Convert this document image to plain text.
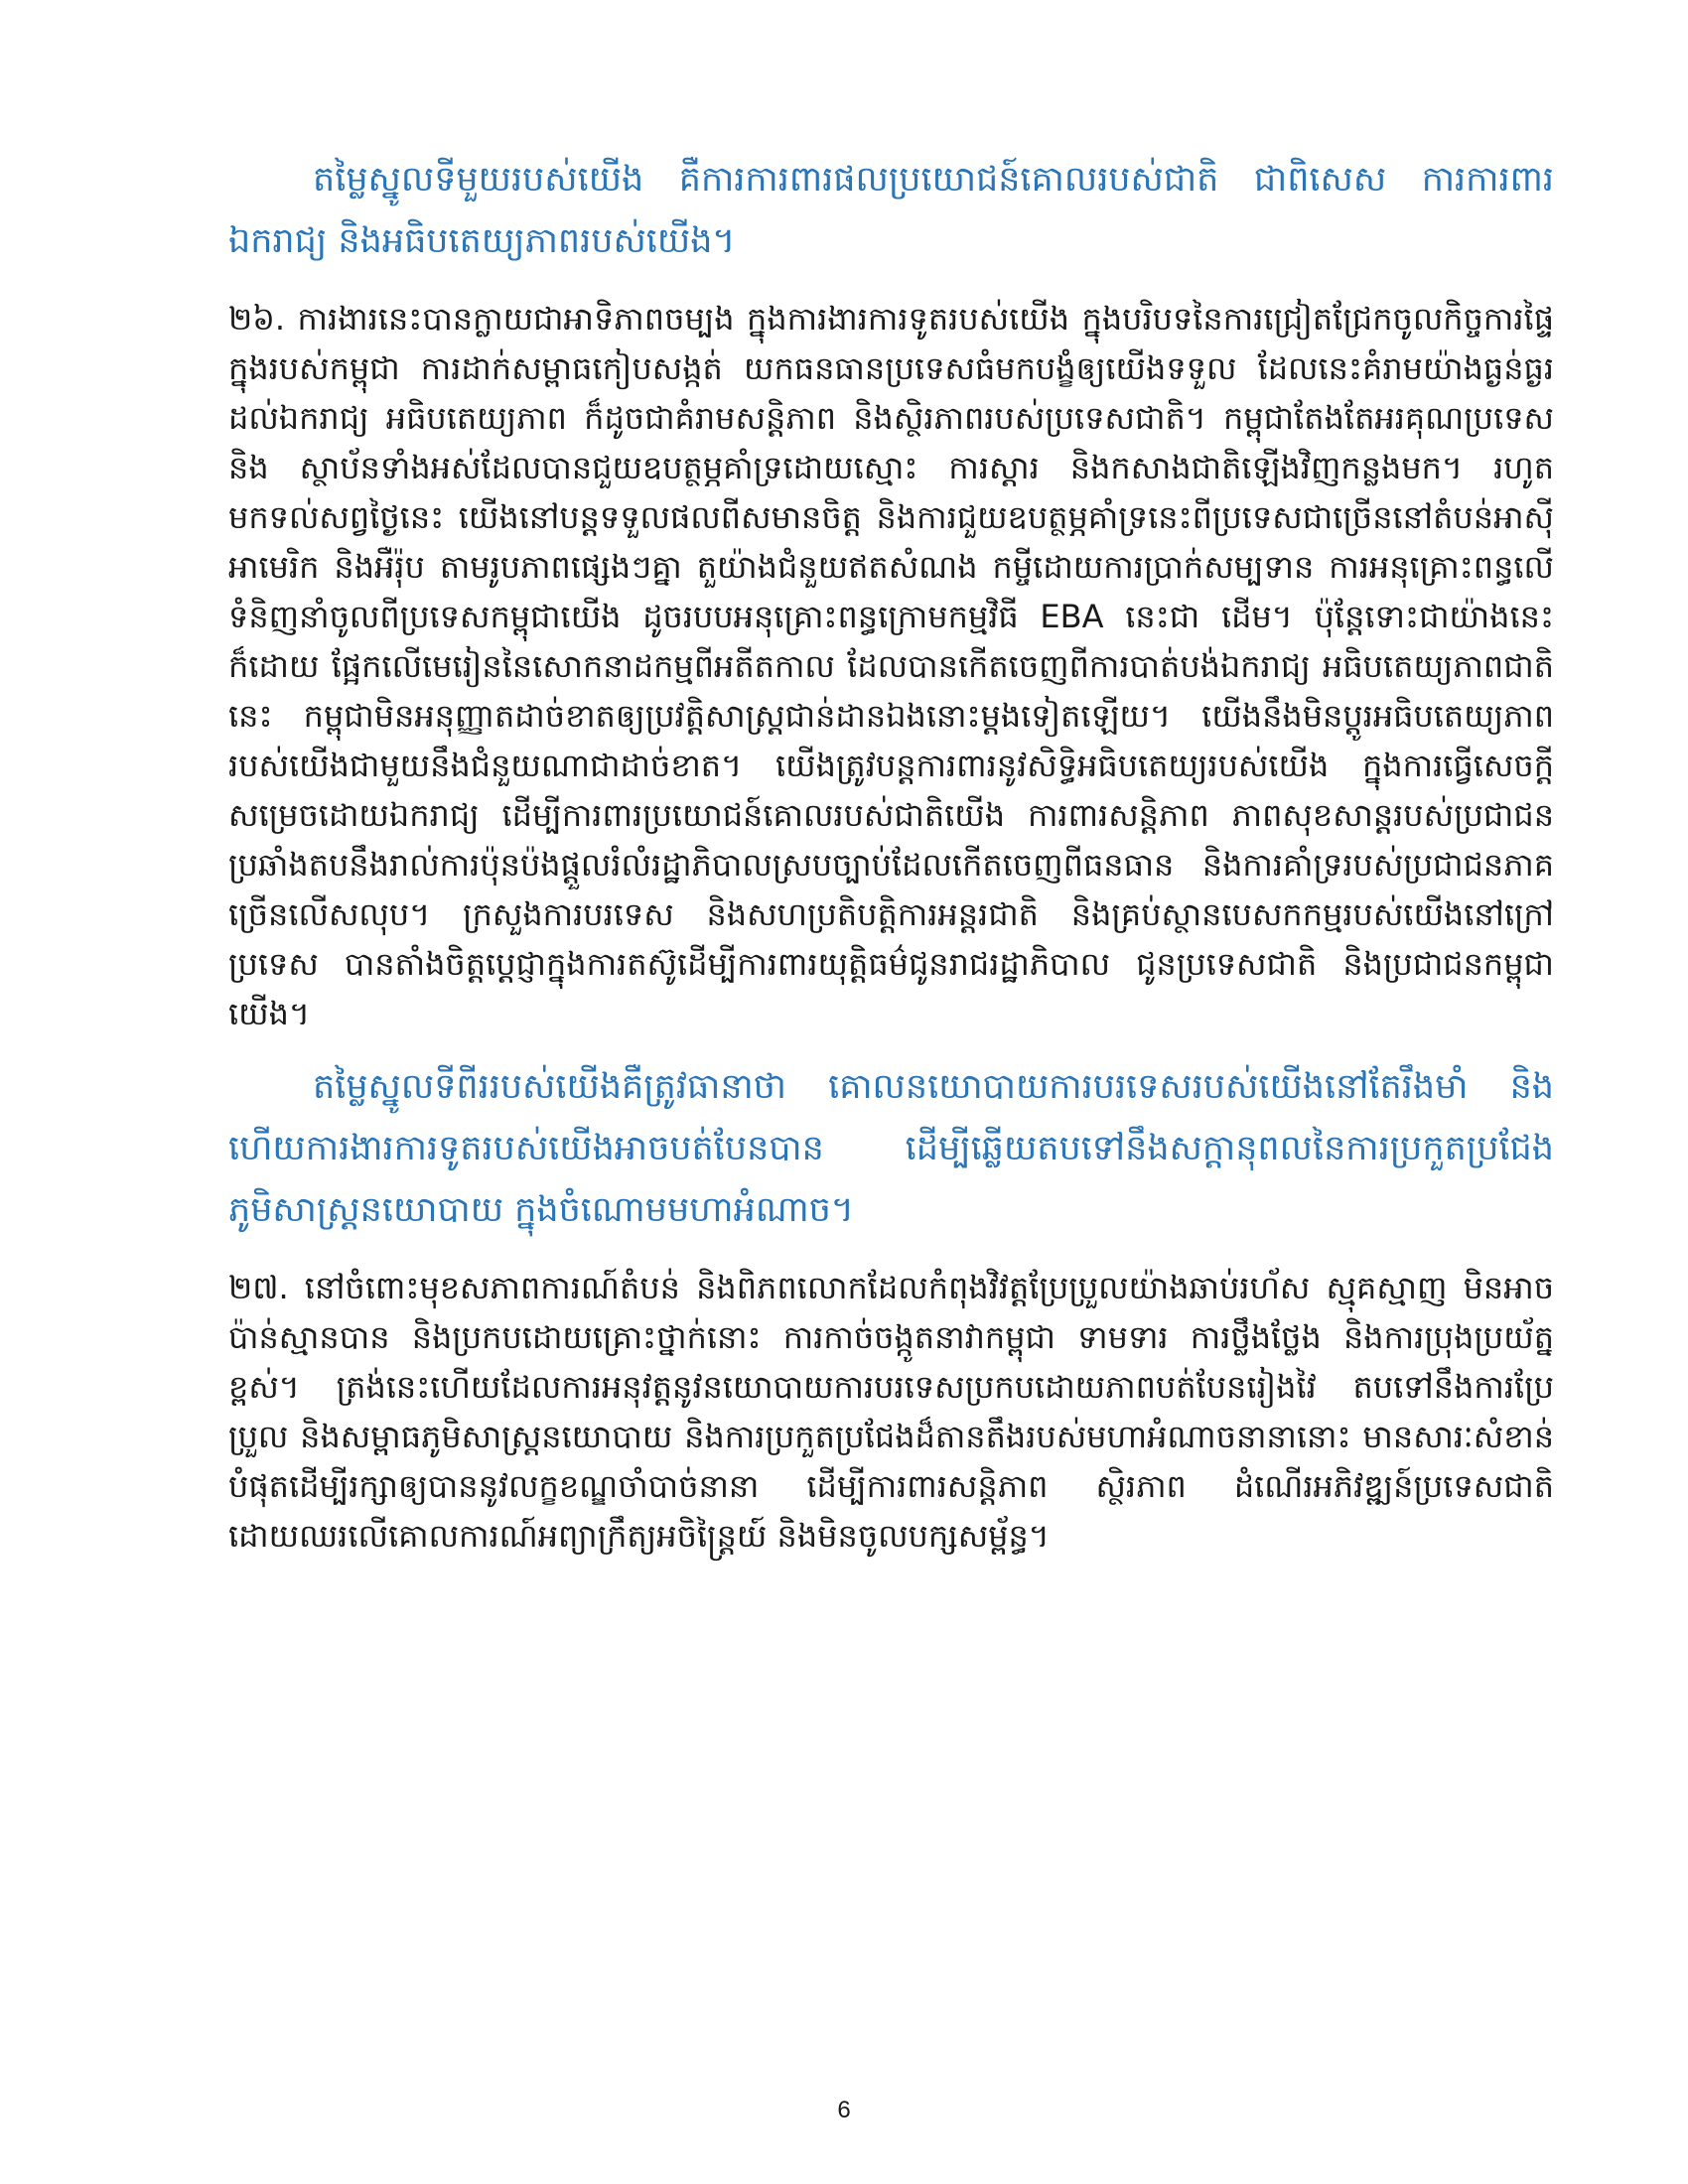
តម្លៃស្នូលទីមួយរបស់យើង គឺការការពារផលប្រយោជន៍គោលរបស់ជាតិ ជាពិសេស ការការពារឯករាជ្យ និងអធិបតេយ្យភាពរបស់យើង។

២៦. ការងារនេះបានក្លាយជាអាទិភាពចម្បង ក្នុងការងារការទូតរបស់យើង ក្នុងបរិបទនៃការជ្រៀតជ្រែកចូលកិច្ចការផ្ទៃក្នុងរបស់កម្ពុជា ការដាក់សម្ពាធកៀបសង្កត់ យកធនធានប្រទេសធំមកបង្ខំឲ្យយើងទទួល ដែលនេះគំរាមយ៉ាងធ្ងន់ធ្ងរដល់ឯករាជ្យ អធិបតេយ្យភាព ក៏ដូចជាគំរាមសន្តិភាព និងស្ថិរភាពរបស់ប្រទេសជាតិ។ កម្ពុជាតែងតែអរគុណប្រទេស និង ស្ថាប័នទាំងអស់ដែលបានជួយឧបត្ថម្ភគាំទ្រដោយស្មោះ ការស្តារ និងកសាងជាតិឡើងវិញកន្លងមក។ រហូតមកទល់សព្វថ្ងៃនេះ យើងនៅបន្តទទួលផលពីសមានចិត្ត និងការជួយឧបត្ថម្ភគាំទ្រនេះពីប្រទេសជាច្រើននៅតំបន់អាស៊ី អាមេរិក និងអឺរ៉ុប តាមរូបភាពផ្សេងៗគ្នា តួយ៉ាងជំនួយឥតសំណង កម្ចីដោយការប្រាក់សម្បទាន ការអនុគ្រោះពន្ធលើទំនិញនាំចូលពីប្រទេសកម្ពុជាយើង ដូចរបបអនុគ្រោះពន្ធក្រោមកម្មវិធី EBA នេះជា ដើម។ ប៉ុន្តែទោះជាយ៉ាងនេះក៏ដោយ ផ្អែកលើមេរៀននៃសោកនាដកម្មពីអតីតកាល ដែលបានកើតចេញពីការបាត់បង់ឯករាជ្យ អធិបតេយ្យភាពជាតិនេះ កម្ពុជាមិនអនុញ្ញាតដាច់ខាតឲ្យប្រវត្តិសាស្ត្រជាន់ដានឯងនោះម្តងទៀតឡើយ។ យើងនឹងមិនប្តូរអធិបតេយ្យភាពរបស់យើងជាមួយនឹងជំនួយណាជាដាច់ខាត។ យើងត្រូវបន្តការពារនូវសិទ្ធិអធិបតេយ្យរបស់យើង ក្នុងការធ្វើសេចក្តីសម្រេចដោយឯករាជ្យ ដើម្បីការពារប្រយោជន៍គោលរបស់ជាតិយើង ការពារសន្តិភាព ភាពសុខសាន្តរបស់ប្រជាជន ប្រឆាំងតបនឹងរាល់ការប៉ុនប៉ងផ្តួលរំលំរដ្ឋាភិបាលស្របច្បាប់ដែលកើតចេញពីធនធាន និងការគាំទ្ររបស់ប្រជាជនភាគច្រើនលើសលុប។ ក្រសួងការបរទេស និងសហប្រតិបត្តិការអន្តរជាតិ និងគ្រប់ស្ថានបេសកកម្មរបស់យើងនៅក្រៅប្រទេស បានតាំងចិត្តប្តេជ្ញាក្នុងការតស៊ូដើម្បីការពារយុត្តិធម៌ជូនរាជរដ្ឋាភិបាល ជូនប្រទេសជាតិ និងប្រជាជនកម្ពុជាយើង។

តម្លៃស្នូលទីពីររបស់យើងគឺត្រូវធានាថា គោលនយោបាយការបរទេសរបស់យើងនៅតែរឹងមាំ និងហើយការងារការទូតរបស់យើងអាចបត់បែនបាន ដើម្បីឆ្លើយតបទៅនឹងសក្តានុពលនៃការប្រកួតប្រជែងភូមិសាស្ត្រនយោបាយ ក្នុងចំណោមមហាអំណាច។

២៧. នៅចំពោះមុខសភាពការណ៍តំបន់ និងពិភពលោកដែលកំពុងវិវត្តប្រែប្រួលយ៉ាងឆាប់រហ័ស ស្មុគស្មាញ មិនអាចប៉ាន់ស្មានបាន និងប្រកបដោយគ្រោះថ្នាក់នោះ ការកាច់ចង្កូតនាវាកម្ពុជា ទាមទារ ការថ្លឹងថ្លែង និងការប្រុងប្រយ័ត្នខ្ពស់។ ត្រង់នេះហើយដែលការអនុវត្តនូវនយោបាយការបរទេសប្រកបដោយភាពបត់បែនរៀងវៃ តបទៅនឹងការប្រែប្រួល និងសម្ពាធភូមិសាស្ត្រនយោបាយ និងការប្រកួតប្រជែងដ៏តានតឹងរបស់មហាអំណាចនានានោះ មានសារៈសំខាន់បំផុតដើម្បីរក្សាឲ្យបាននូវលក្ខខណ្ឌចាំបាច់នានា ដើម្បីការពារសន្តិភាព ស្ថិរភាព ដំណើរអភិវឌ្ឍន៍ប្រទេសជាតិ ដោយឈរលើគោលការណ៍អព្យាក្រឹត្យអចិន្ត្រៃយ៍ និងមិនចូលបក្សសម្ព័ន្ធ។

6
